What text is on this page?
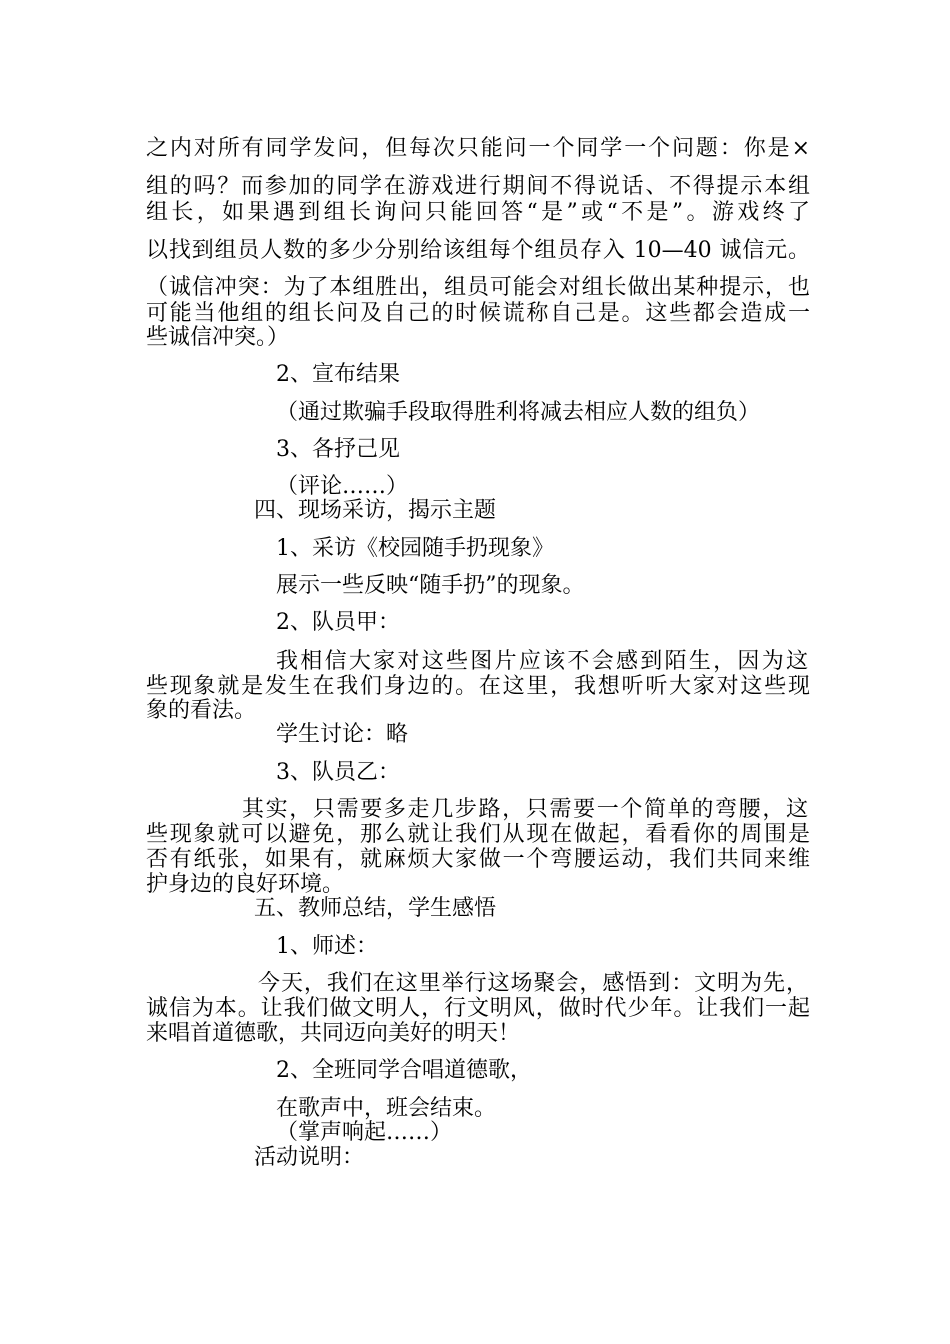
之内对所有同学发问，但每次只能问一个同学一个问题：你是×
组的吗？而参加的同学在游戏进行期间不得说话、不得提示本组
组长，如果遇到组长询问只能回答“是”或“不是”。游戏终了
以找到组员人数的多少分别给该组每个组员存入 10—40 诚信元。
（诚信冲突：为了本组胜出，组员可能会对组长做出某种提示，也
可能当他组的组长问及自己的时候谎称自己是。这些都会造成一
些诚信冲突。）
2、宣布结果
（通过欺骗手段取得胜利将减去相应人数的组负）
3、各抒己见
（评论……）
四、现场采访，揭示主题
1、采访《校园随手扔现象》
展示一些反映“随手扔”的现象。
2、队员甲：
我相信大家对这些图片应该不会感到陌生，因为这
些现象就是发生在我们身边的。在这里，我想听听大家对这些现
象的看法。
学生讨论：略
3、队员乙：
其实，只需要多走几步路，只需要一个简单的弯腰，这
些现象就可以避免，那么就让我们从现在做起，看看你的周围是
否有纸张，如果有，就麻烦大家做一个弯腰运动，我们共同来维
护身边的良好环境。
五、教师总结，学生感悟
1、师述：
今天，我们在这里举行这场聚会，感悟到：文明为先，
诚信为本。让我们做文明人，行文明风，做时代少年。让我们一起
来唱首道德歌，共同迈向美好的明天！
2、全班同学合唱道德歌，
在歌声中，班会结束。
（掌声响起……）
活动说明：
